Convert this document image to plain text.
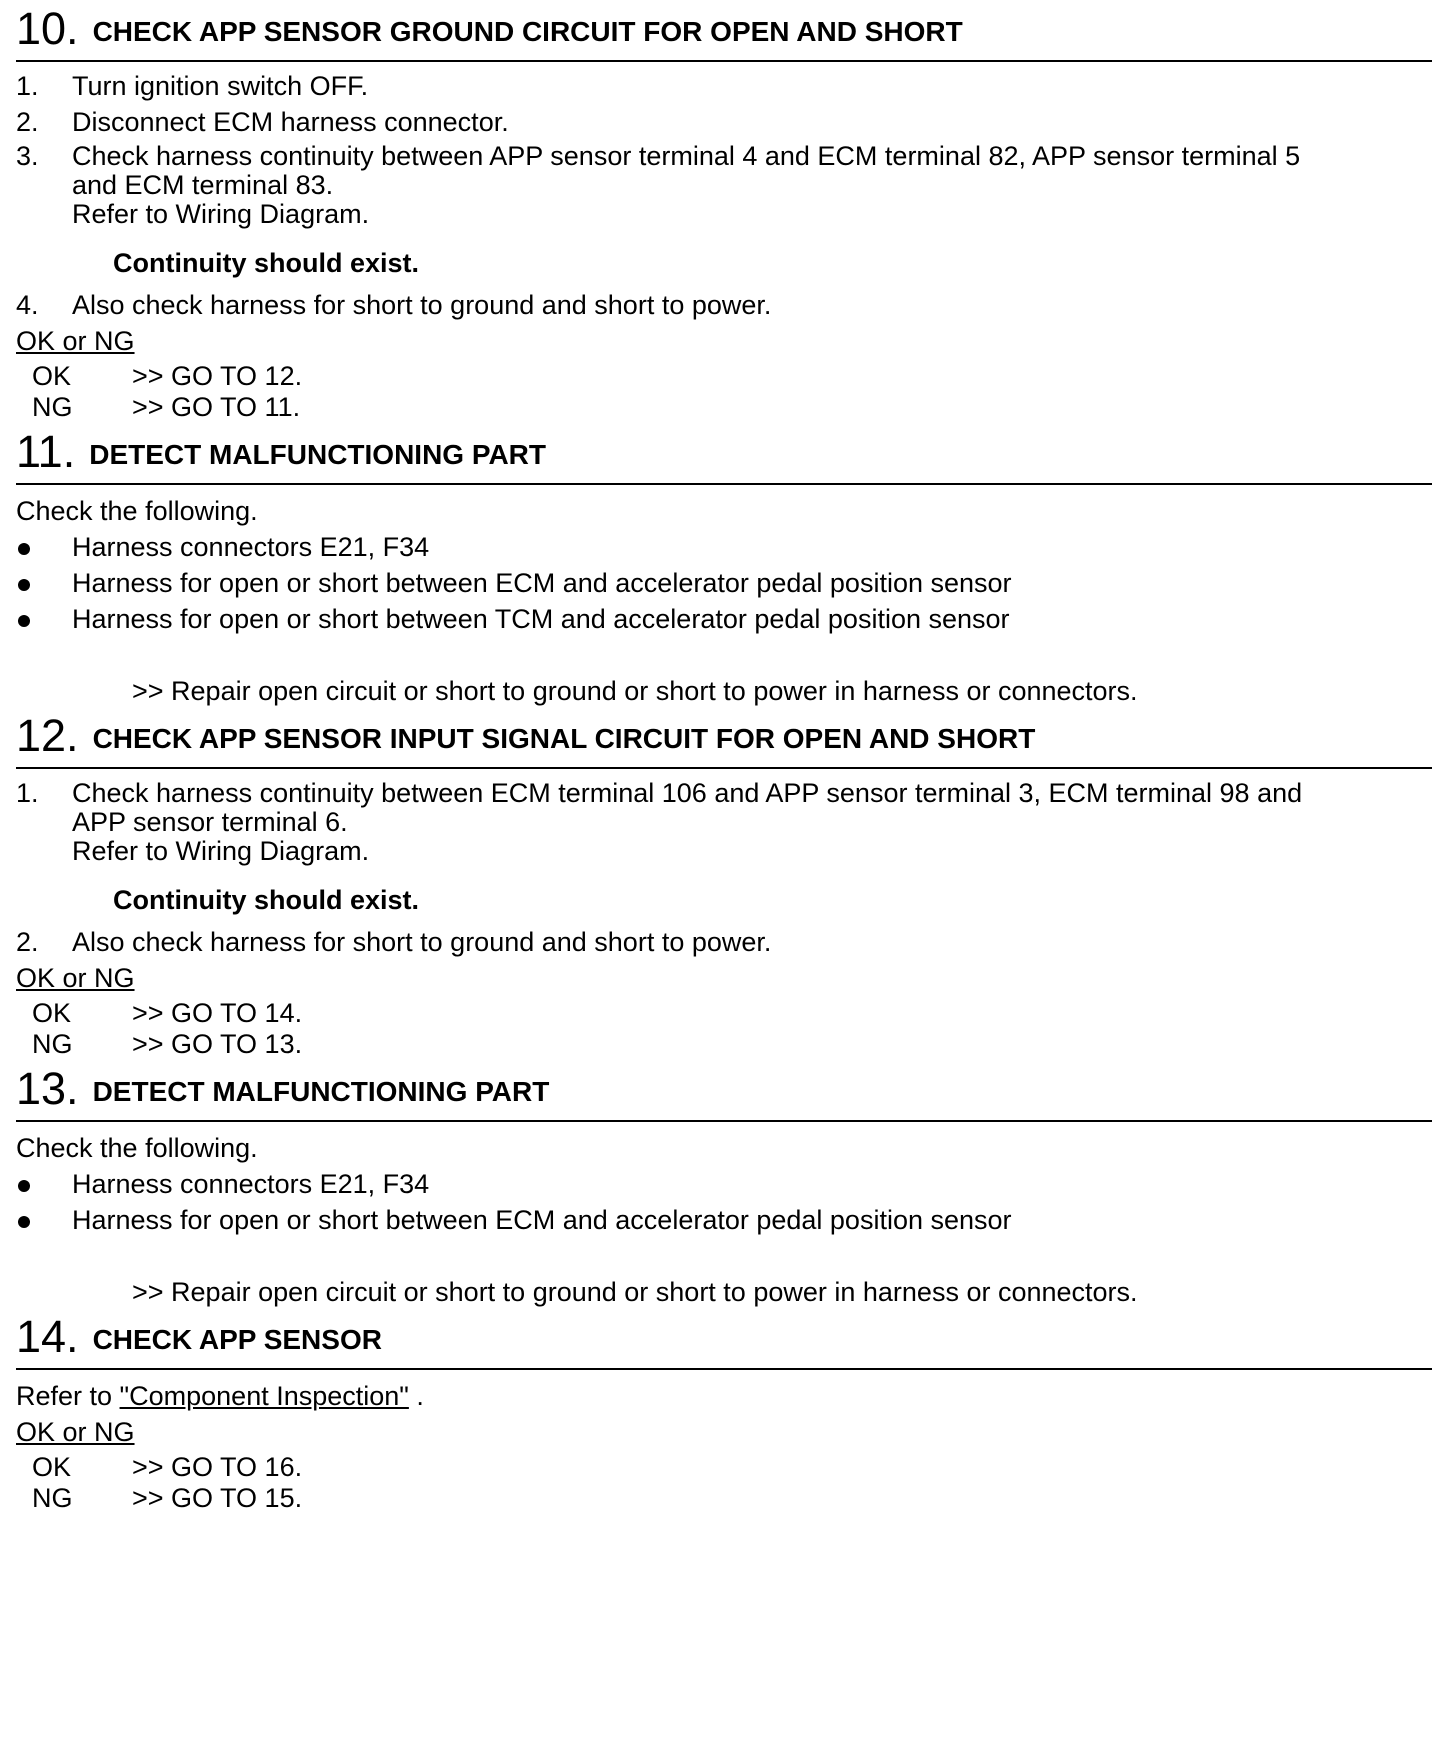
10. CHECK APP SENSOR GROUND CIRCUIT FOR OPEN AND SHORT
1.	Turn ignition switch OFF.
2.	Disconnect ECM harness connector.
3.	Check harness continuity between APP sensor terminal 4 and ECM terminal 82, APP sensor terminal 5
and ECM terminal 83.
Refer to Wiring Diagram.
Continuity should exist.
4.	Also check harness for short to ground and short to power.
OK or NG
OK	>> GO TO 12.
NG	>> GO TO 11.
11. DETECT MALFUNCTIONING PART
Check the following.
Harness connectors E21, F34
Harness for open or short between ECM and accelerator pedal position sensor
Harness for open or short between TCM and accelerator pedal position sensor
>> Repair open circuit or short to ground or short to power in harness or connectors.
12. CHECK APP SENSOR INPUT SIGNAL CIRCUIT FOR OPEN AND SHORT
1.	Check harness continuity between ECM terminal 106 and APP sensor terminal 3, ECM terminal 98 and
APP sensor terminal 6.
Refer to Wiring Diagram.
Continuity should exist.
2.	Also check harness for short to ground and short to power.
OK or NG
OK	>> GO TO 14.
NG	>> GO TO 13.
13. DETECT MALFUNCTIONING PART
Check the following.
Harness connectors E21, F34
Harness for open or short between ECM and accelerator pedal position sensor
>> Repair open circuit or short to ground or short to power in harness or connectors.
14. CHECK APP SENSOR
Refer to "Component Inspection" .
OK or NG
OK	>> GO TO 16.
NG	>> GO TO 15.
